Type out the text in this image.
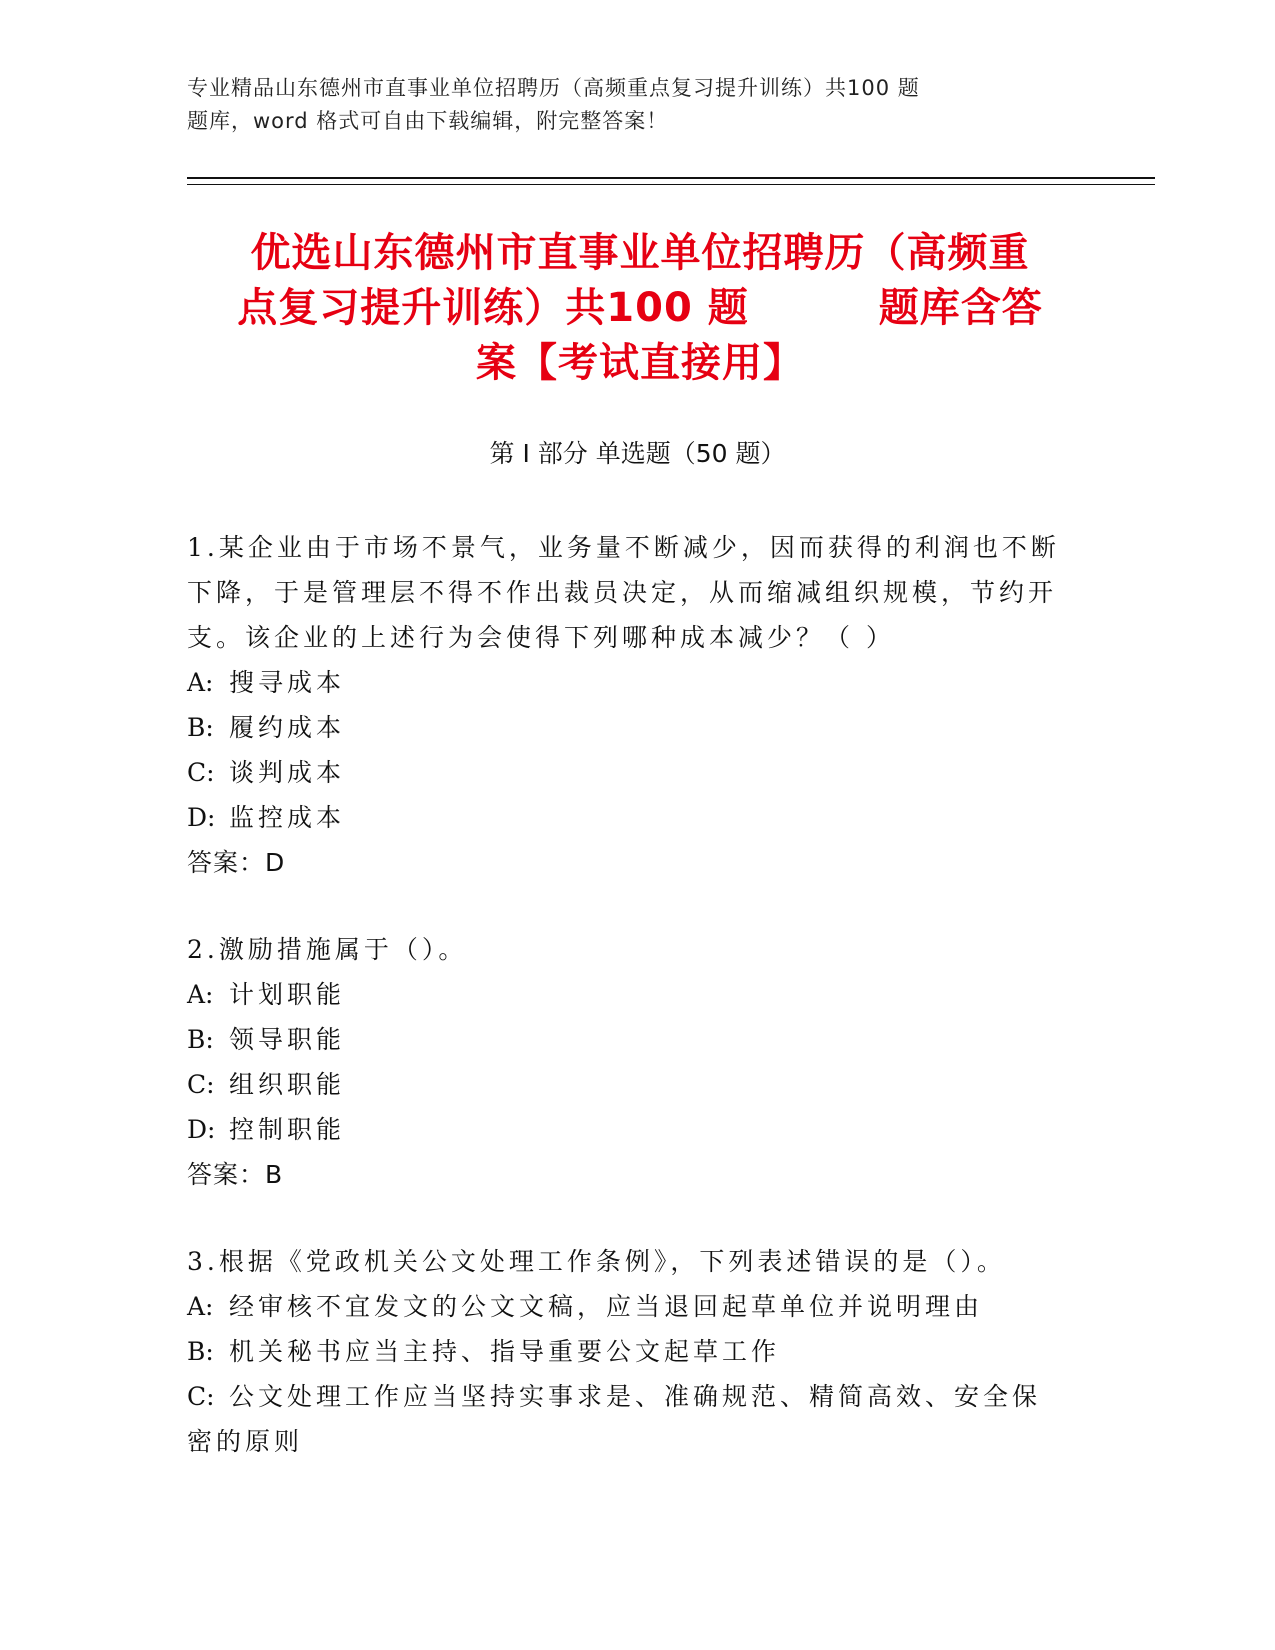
专业精品山东德州市直事业单位招聘历（高频重点复习提升训练）共100 题

题库，word 格式可自由下载编辑，附完整答案！

优选山东德州市直事业单位招聘历（高频重
点复习提升训练）共100 题	题库含答
案【考试直接用】
第 I 部分 单选题（50 题）

1.某企业由于市场不景气，业务量不断减少，因而获得的利润也不断下降，于是管理层不得不作出裁员决定，从而缩减组织规模，节约开支。该企业的上述行为会使得下列哪种成本减少？（ ）

A: 搜寻成本

B: 履约成本

C: 谈判成本

D: 监控成本

答案：D

2.激励措施属于（）。

A: 计划职能

B: 领导职能

C: 组织职能

D: 控制职能

答案：B

3.根据《党政机关公文处理工作条例》，下列表述错误的是（）。

A: 经审核不宜发文的公文文稿，应当退回起草单位并说明理由

B: 机关秘书应当主持、指导重要公文起草工作

C: 公文处理工作应当坚持实事求是、准确规范、精简高效、安全保密的原则
